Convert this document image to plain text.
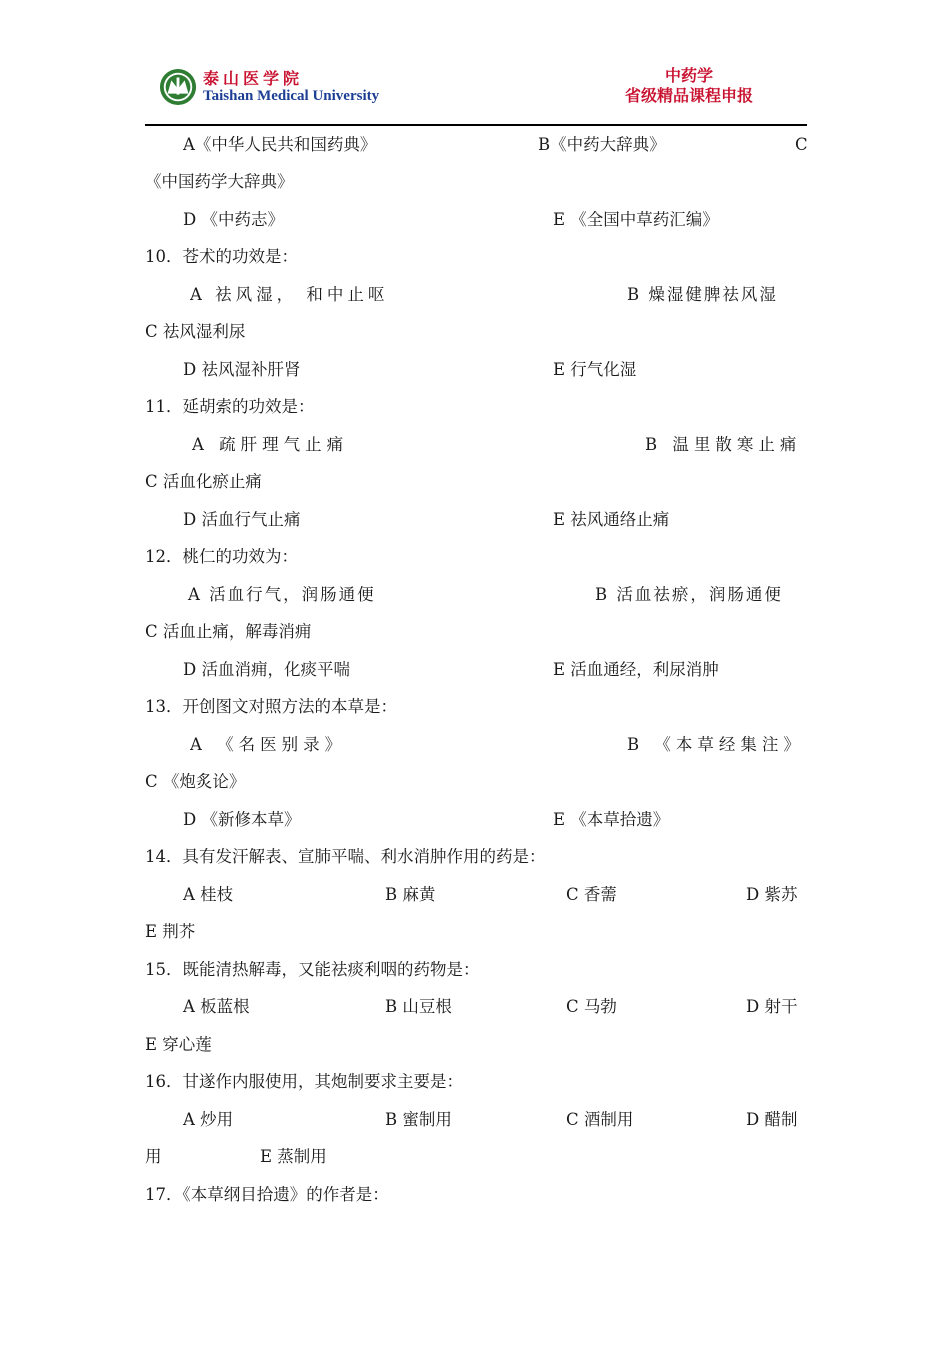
泰山医学院
Taishan Medical University
中药学
省级精品课程申报
A《中华人民共和国药典》	B《中药大辞典》	C
《中国药学大辞典》
D 《中药志》	E 《全国中草药汇编》
10．苍术的功效是：
A 祛风湿， 和中止呕	B 燥湿健脾祛风湿
C 祛风湿利尿
D 祛风湿补肝肾	E 行气化湿
11．延胡索的功效是：
A 疏肝理气止痛	B 温里散寒止痛
C 活血化瘀止痛
D 活血行气止痛	E 祛风通络止痛
12．桃仁的功效为：
A 活血行气，润肠通便	B 活血祛瘀，润肠通便
C 活血止痛，解毒消痈
D 活血消痈，化痰平喘	E 活血通经，利尿消肿
13．开创图文对照方法的本草是：
A 《名医别录》	B 《本草经集注》
C 《炮炙论》
D 《新修本草》	E 《本草拾遗》
14．具有发汗解表、宣肺平喘、利水消肿作用的药是：
A 桂枝	B 麻黄	C 香薷	D 紫苏
E 荆芥
15．既能清热解毒，又能祛痰利咽的药物是：
A 板蓝根	B 山豆根	C 马勃	D 射干
E 穿心莲
16．甘遂作内服使用，其炮制要求主要是：
A 炒用	B 蜜制用	C 酒制用	D 醋制
用	E 蒸制用
17．《本草纲目拾遗》的作者是：
